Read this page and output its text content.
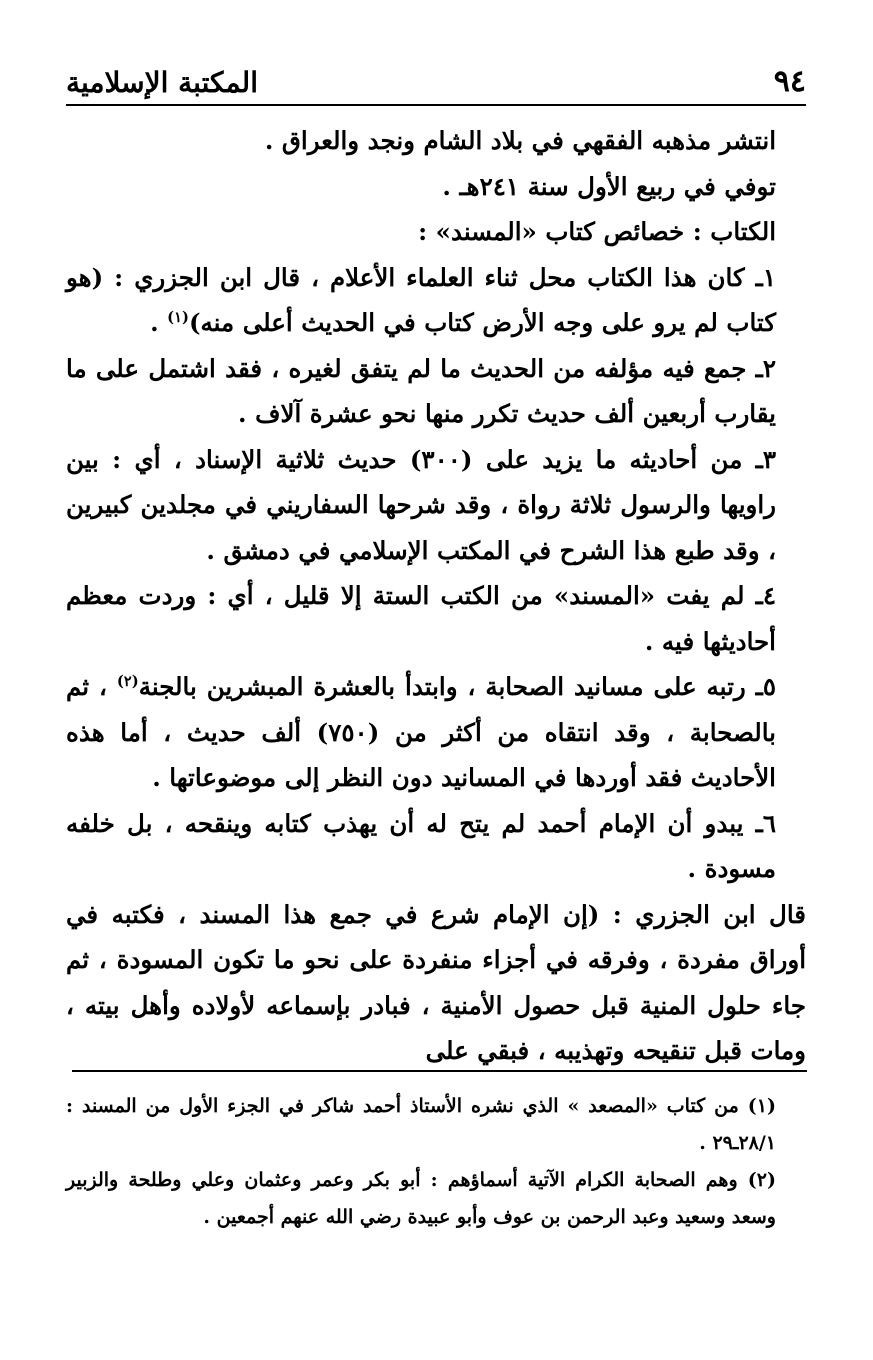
٩٤
المكتبة الإسلامية

انتشر مذهبه الفقهي في بلاد الشام ونجد والعراق .

توفي في ربيع الأول سنة ٢٤١هـ .

الكتاب : خصائص كتاب «المسند» :

١ـ كان هذا الكتاب محل ثناء العلماء الأعلام ، قال ابن الجزري : (هو كتاب لم يرو على وجه الأرض كتاب في الحديث أعلى منه)$^{(١)}$ .

٢ـ جمع فيه مؤلفه من الحديث ما لم يتفق لغيره ، فقد اشتمل على ما يقارب أربعين ألف حديث تكرر منها نحو عشرة آلاف .

٣ـ من أحاديثه ما يزيد على (٣٠٠) حديث ثلاثية الإسناد ، أي : بين راويها والرسول ثلاثة رواة ، وقد شرحها السفاريني في مجلدين كبيرين ، وقد طبع هذا الشرح في المكتب الإسلامي في دمشق .

٤ـ لم يفت «المسند» من الكتب الستة إلا قليل ، أي : وردت معظم أحاديثها فيه .

٥ـ رتبه على مسانيد الصحابة ، وابتدأ بالعشرة المبشرين بالجنة$^{(٢)}$ ، ثم بالصحابة ، وقد انتقاه من أكثر من (٧٥٠) ألف حديث ، أما هذه الأحاديث فقد أوردها في المسانيد دون النظر إلى موضوعاتها .

٦ـ يبدو أن الإمام أحمد لم يتح له أن يهذب كتابه وينقحه ، بل خلفه مسودة .

قال ابن الجزري : (إن الإمام شرع في جمع هذا المسند ، فكتبه في أوراق مفردة ، وفرقه في أجزاء منفردة على نحو ما تكون المسودة ، ثم جاء حلول المنية قبل حصول الأمنية ، فبادر بإسماعه لأولاده وأهل بيته ، ومات قبل تنقيحه وتهذيبه ، فبقي على

(١) من كتاب «المصعد » الذي نشره الأستاذ أحمد شاكر في الجزء الأول من المسند : ٢٨/١ـ٢٩ .

(٢) وهم الصحابة الكرام الآتية أسماؤهم : أبو بكر وعمر وعثمان وعلي وطلحة والزبير وسعد وسعيد وعبد الرحمن بن عوف وأبو عبيدة رضي الله عنهم أجمعين .
